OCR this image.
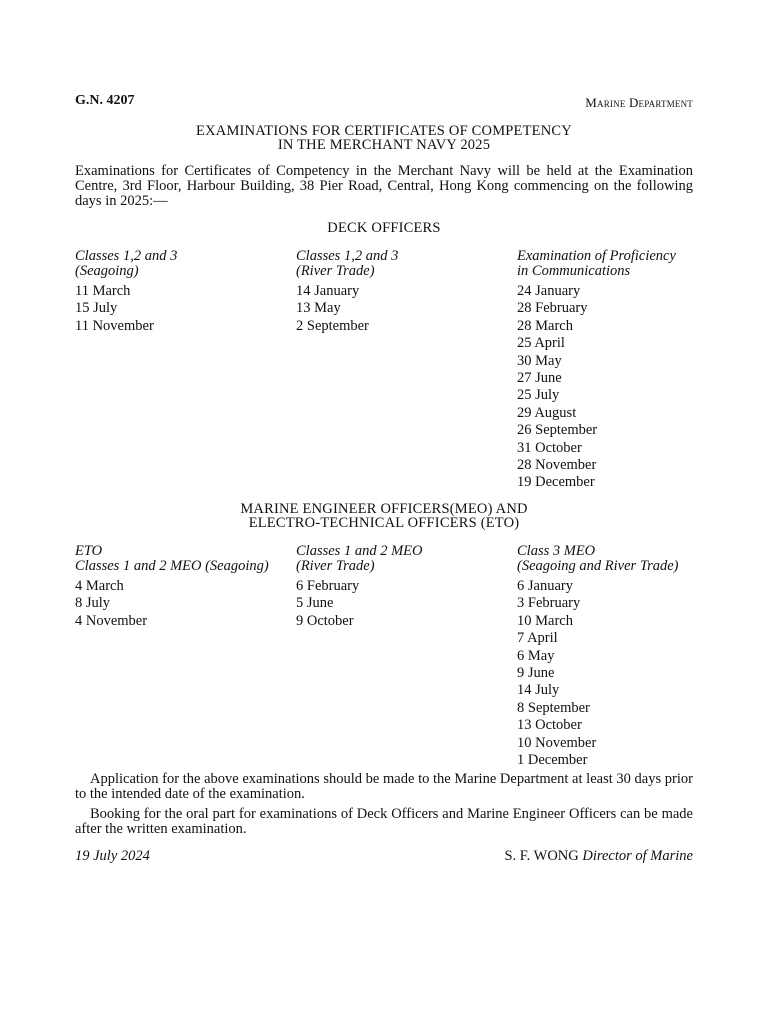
G.N. 4207	Marine Department
EXAMINATIONS FOR CERTIFICATES OF COMPETENCY
IN THE MERCHANT NAVY 2025
Examinations for Certificates of Competency in the Merchant Navy will be held at the Examination Centre, 3rd Floor, Harbour Building, 38 Pier Road, Central, Hong Kong commencing on the following days in 2025:—
DECK OFFICERS

Classes 1,2 and 3

(Seagoing)

11 March
15 July
11 November

Classes 1,2 and 3

(River Trade)

14 January
13 May
2 September

Examination of Proficiency

in Communications

24 January
28 February
28 March
25 April
30 May
27 June
25 July
29 August
26 September
31 October
28 November
19 December
MARINE ENGINEER OFFICERS(MEO) AND
ELECTRO-TECHNICAL OFFICERS (ETO)

ETO

Classes 1 and 2 MEO (Seagoing)

4 March
8 July
4 November

Classes 1 and 2 MEO

(River Trade)

6 February
5 June
9 October

Class 3 MEO

(Seagoing and River Trade)

6 January
3 February
10 March
7 April
6 May
9 June
14 July
8 September
13 October
10 November
1 December
Application for the above examinations should be made to the Marine Department at least 30 days prior to the intended date of the examination.
Booking for the oral part for examinations of Deck Officers and Marine Engineer Officers can be made after the written examination.
19 July 2024	S. F. WONG Director of Marine
